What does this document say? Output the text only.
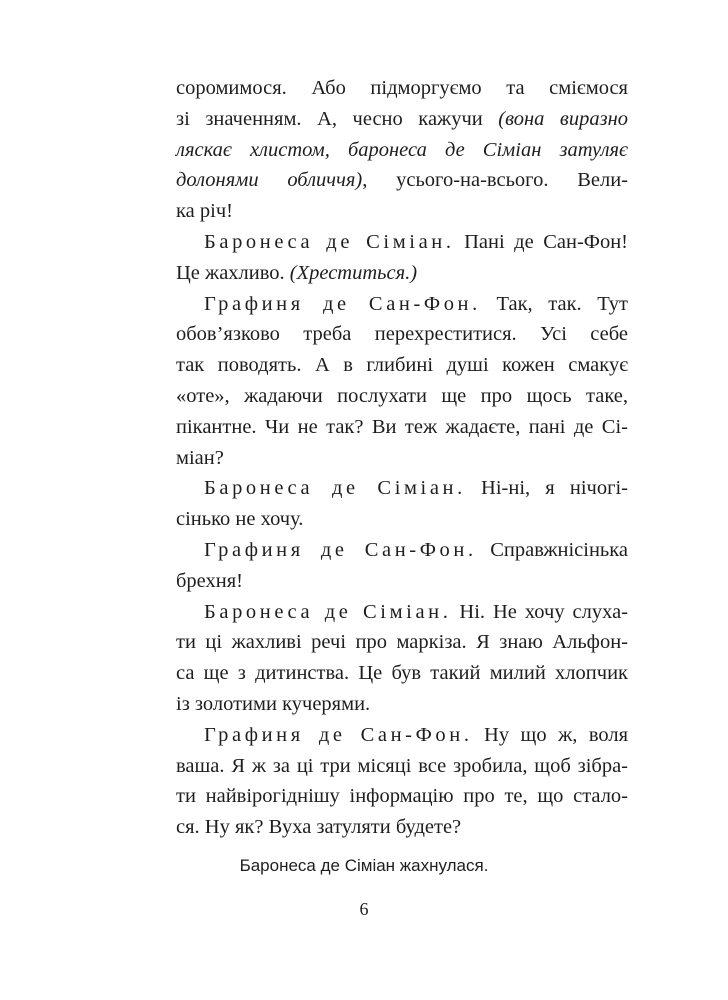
соромимося. Або підморгуємо та сміємося
зі значенням. А, чесно кажучи (вона виразно
ляскає хлистом, баронеса де Сіміан затуляє
долонями обличчя), усього-на-всього. Вели-
ка річ!
Баронеса де Сіміан. Пані де Сан-Фон!
Це жахливо. (Хреститься.)
Графиня де Сан-Фон. Так, так. Тут
обов’язково треба перехреститися. Усі себе
так поводять. А в глибині душі кожен смакує
«оте», жадаючи послухати ще про щось таке,
пікантне. Чи не так? Ви теж жадаєте, пані де Сі-
міан?
Баронеса де Сіміан. Ні-ні, я нічогі-
сінько не хочу.
Графиня де Сан-Фон. Справжнісінька
брехня!
Баронеса де Сіміан. Ні. Не хочу слуха-
ти ці жахливі речі про маркіза. Я знаю Альфон-
са ще з дитинства. Це був такий милий хлопчик
із золотими кучерями.
Графиня де Сан-Фон. Ну що ж, воля
ваша. Я ж за ці три місяці все зробила, щоб зібра-
ти найвірогіднішу інформацію про те, що стало-
ся. Ну як? Вуха затуляти будете?
Баронеса де Сіміан жахнулася.
6
